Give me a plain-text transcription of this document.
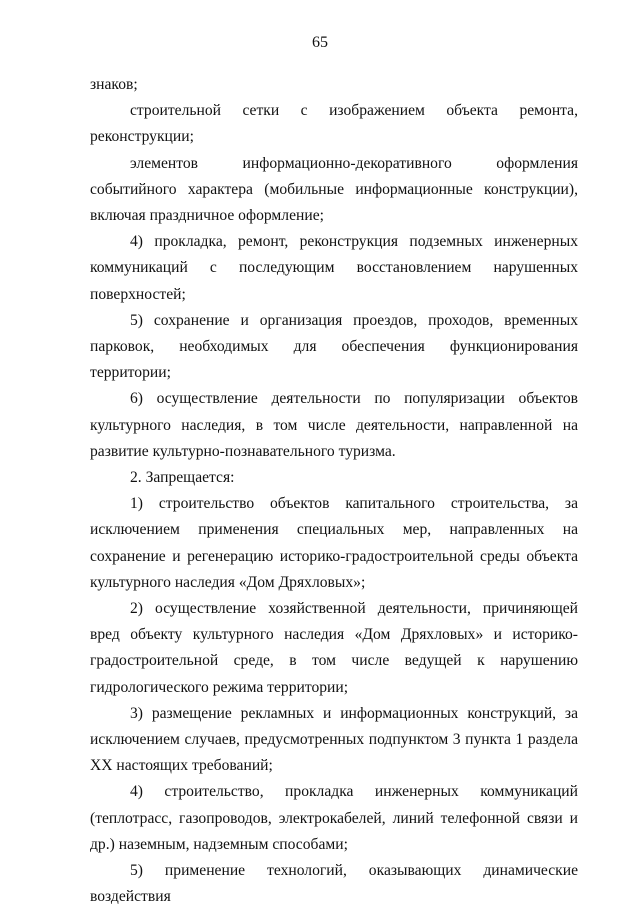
65

знаков;

строительной сетки с изображением объекта ремонта, реконструкции;

элементов информационно-декоративного оформления событийного характера (мобильные информационные конструкции), включая праздничное оформление;

4) прокладка, ремонт, реконструкция подземных инженерных коммуникаций с последующим восстановлением нарушенных поверхностей;

5) сохранение и организация проездов, проходов, временных парковок, необходимых для обеспечения функционирования территории;

6) осуществление деятельности по популяризации объектов культурного наследия, в том числе деятельности, направленной на развитие культурно-познавательного туризма.

2. Запрещается:

1) строительство объектов капитального строительства, за исключением применения специальных мер, направленных на сохранение и регенерацию историко-градостроительной среды объекта культурного наследия «Дом Дряхловых»;

2) осуществление хозяйственной деятельности, причиняющей вред объекту культурного наследия «Дом Дряхловых» и историко-градостроительной среде, в том числе ведущей к нарушению гидрологического режима территории;

3) размещение рекламных и информационных конструкций, за исключением случаев, предусмотренных подпунктом 3 пункта 1 раздела XX настоящих требований;

4) строительство, прокладка инженерных коммуникаций (теплотрасс, газопроводов, электрокабелей, линий телефонной связи и др.) наземным, надземным способами;

5) применение технологий, оказывающих динамические воздействия
